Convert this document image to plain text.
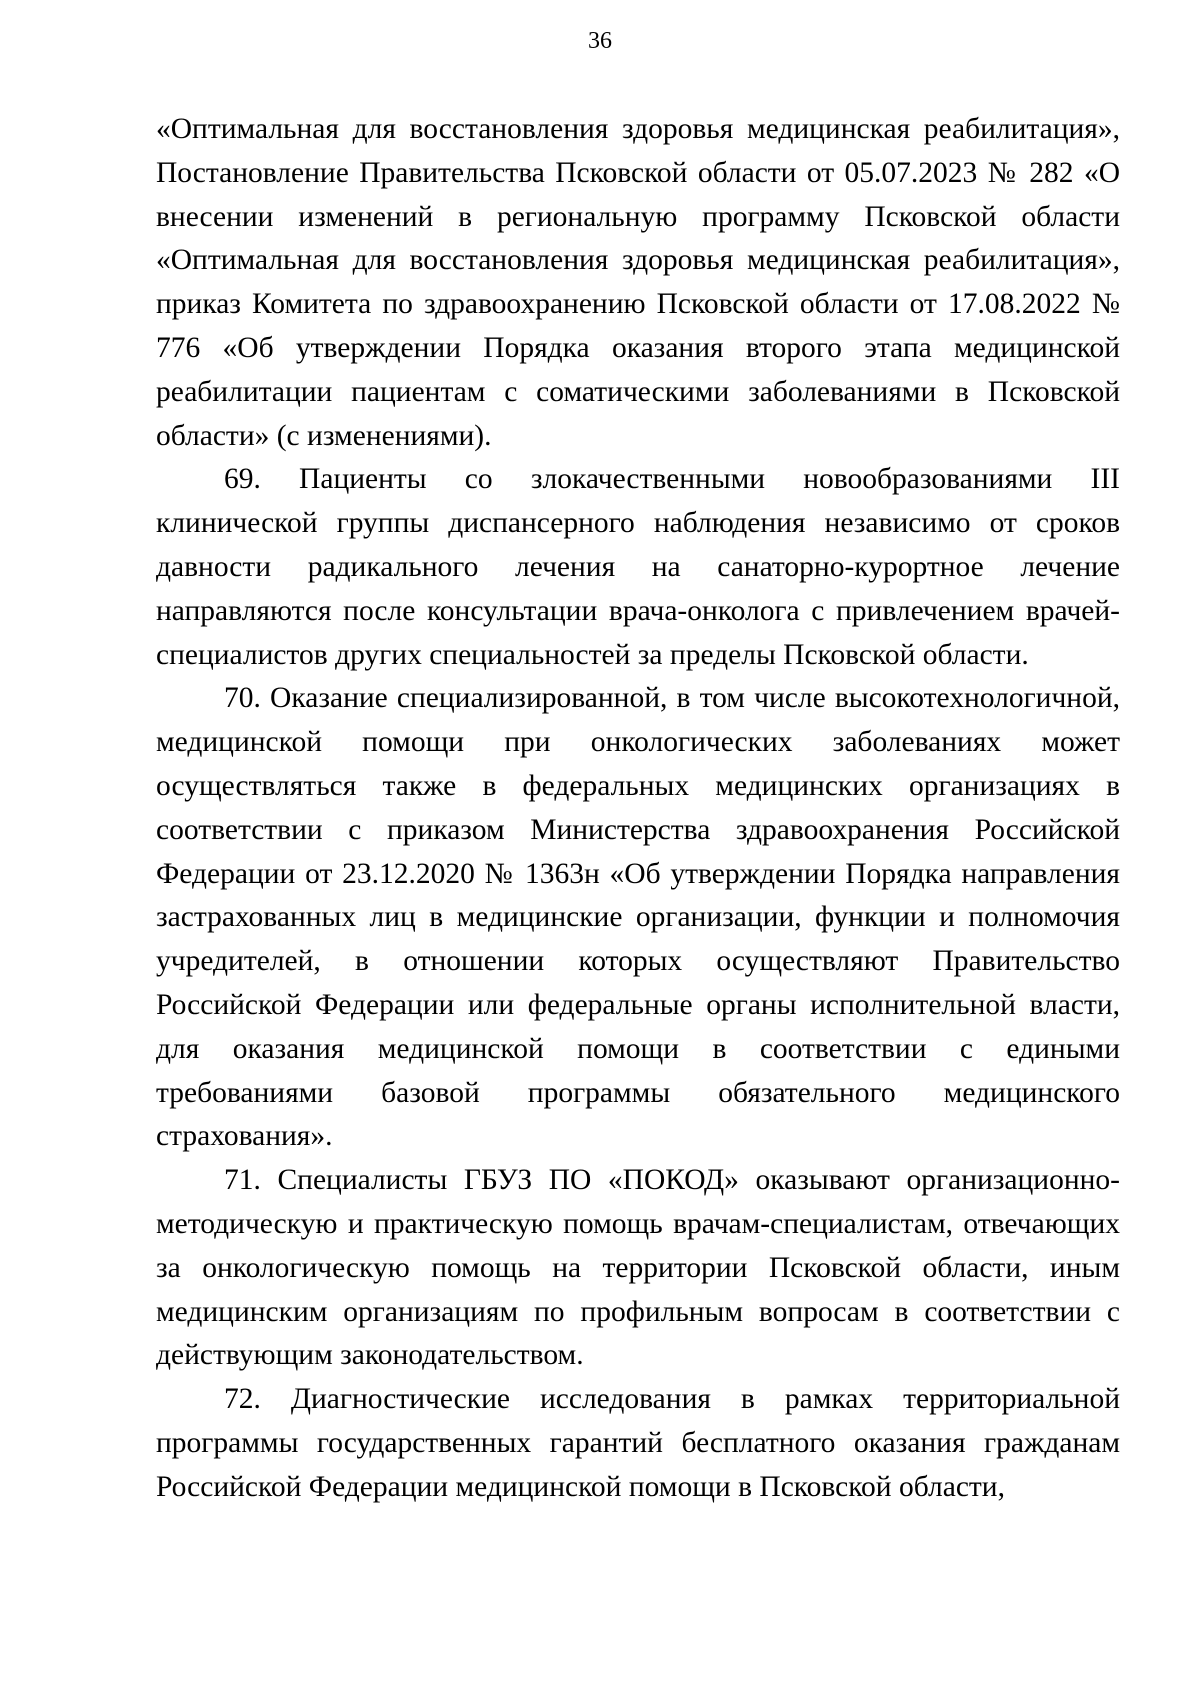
36

«Оптимальная для восстановления здоровья медицинская реабилитация», Постановление Правительства Псковской области от 05.07.2023 № 282 «О внесении изменений в региональную программу Псковской области «Оптимальная для восстановления здоровья медицинская реабилитация», приказ Комитета по здравоохранению Псковской области от 17.08.2022 № 776 «Об утверждении Порядка оказания второго этапа медицинской реабилитации пациентам с соматическими заболеваниями в Псковской области» (с изменениями).

69. Пациенты со злокачественными новообразованиями III клинической группы диспансерного наблюдения независимо от сроков давности радикального лечения на санаторно-курортное лечение направляются после консультации врача-онколога с привлечением врачей-специалистов других специальностей за пределы Псковской области.

70. Оказание специализированной, в том числе высокотехнологичной, медицинской помощи при онкологических заболеваниях может осуществляться также в федеральных медицинских организациях в соответствии с приказом Министерства здравоохранения Российской Федерации от 23.12.2020 № 1363н «Об утверждении Порядка направления застрахованных лиц в медицинские организации, функции и полномочия учредителей, в отношении которых осуществляют Правительство Российской Федерации или федеральные органы исполнительной власти, для оказания медицинской помощи в соответствии с едиными требованиями базовой программы обязательного медицинского страхования».

71. Специалисты ГБУЗ ПО «ПОКОД» оказывают организационно-методическую и практическую помощь врачам-специалистам, отвечающих за онкологическую помощь на территории Псковской области, иным медицинским организациям по профильным вопросам в соответствии с действующим законодательством.

72. Диагностические исследования в рамках территориальной программы государственных гарантий бесплатного оказания гражданам Российской Федерации медицинской помощи в Псковской области,
